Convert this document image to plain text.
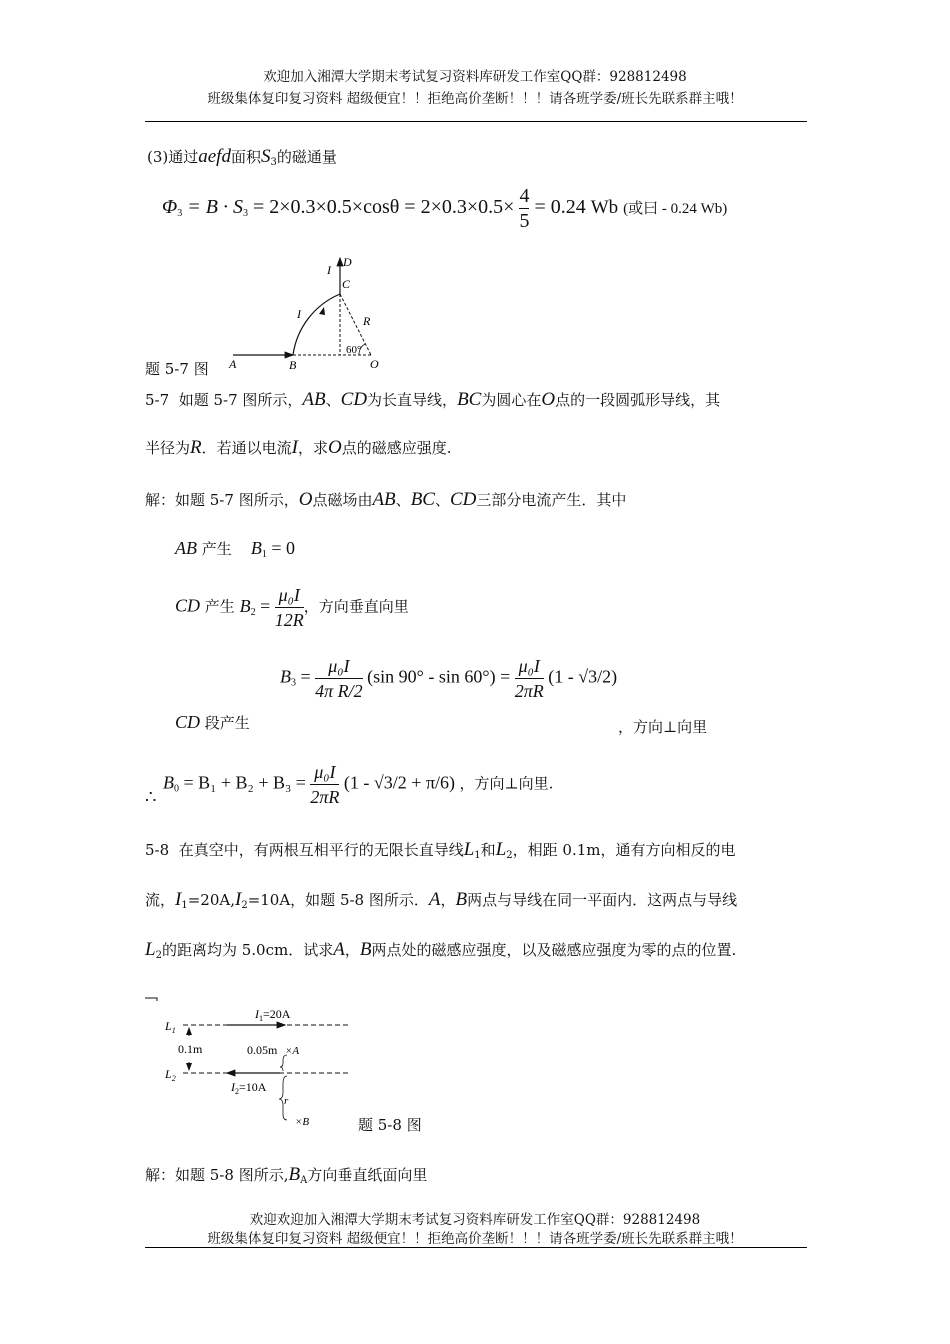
欢迎加入湘潭大学期末考试复习资料库研发工作室QQ群：928812498
班级集体复印复习资料 超级便宜！！拒绝高价垄断！！！请各班学委/班长先联系群主哦！
(3)通过aefd面积$S_3$的磁通量
$\Phi_3 = B \cdot S_3 = 2\times 0.3\times 0.5\times\cos\theta = 2\times 0.3\times 0.5\times \frac{4}{5} = 0.24$ Wb (或曰 - 0.24 Wb)
A	B
C
D
O
R
I
I
60°
题 5-7 图
5-7 如题 5-7 图所示，AB、CD为长直导线，BC为圆心在O点的一段圆弧形导线，其
半径为R．若通以电流I，求O点的磁感应强度.
解：如题 5-7 图所示，O点磁场由AB、BC、CD三部分电流产生．其中
AB 产生 $B_1 = 0$
CD 产生 $B_2 = \frac{\text{μ₀I}}{12R}$ ，方向垂直向里
$B_3 = \frac{\text{μ₀I}}{\text{4π R/2}} (\sin$ $90^\circ - \sin 60^\circ) = \frac{\text{μ₀I}}{2\pi R} (1 - √3/2)$
CD 段产生	，方向⊥向里
∴ $B_0 = B_1 + B_2 + B_3 = \frac{\text{μ₀I}}{2\pi R} (1 - √3/2 + \pi/6)$ ，方向⊥向里.
5-8 在真空中，有两根互相平行的无限长直导线$L_1$和$L_2$，相距 0.1m，通有方向相反的电
流，$I_1=20A,I_2=10A$，如题 5-8 图所示．A，B两点与导线在同一平面内．这两点与导线
$L_2$的距离均为 5.0cm．试求A，B两点处的磁感应强度，以及磁感应强度为零的点的位置.
$L_1$
$L_2$
$I_1=20A$
$I_2=10A$
0.1m	0.05m ×A
×B
r
题 5-8 图
解：如题 5-8 图所示$,B_A$方向垂直纸面向里
欢迎欢迎加入湘潭大学期末考试复习资料库研发工作室QQ群：928812498
班级集体复印复习资料 超级便宜！！拒绝高价垄断！！！请各班学委/班长先联系群主哦！
